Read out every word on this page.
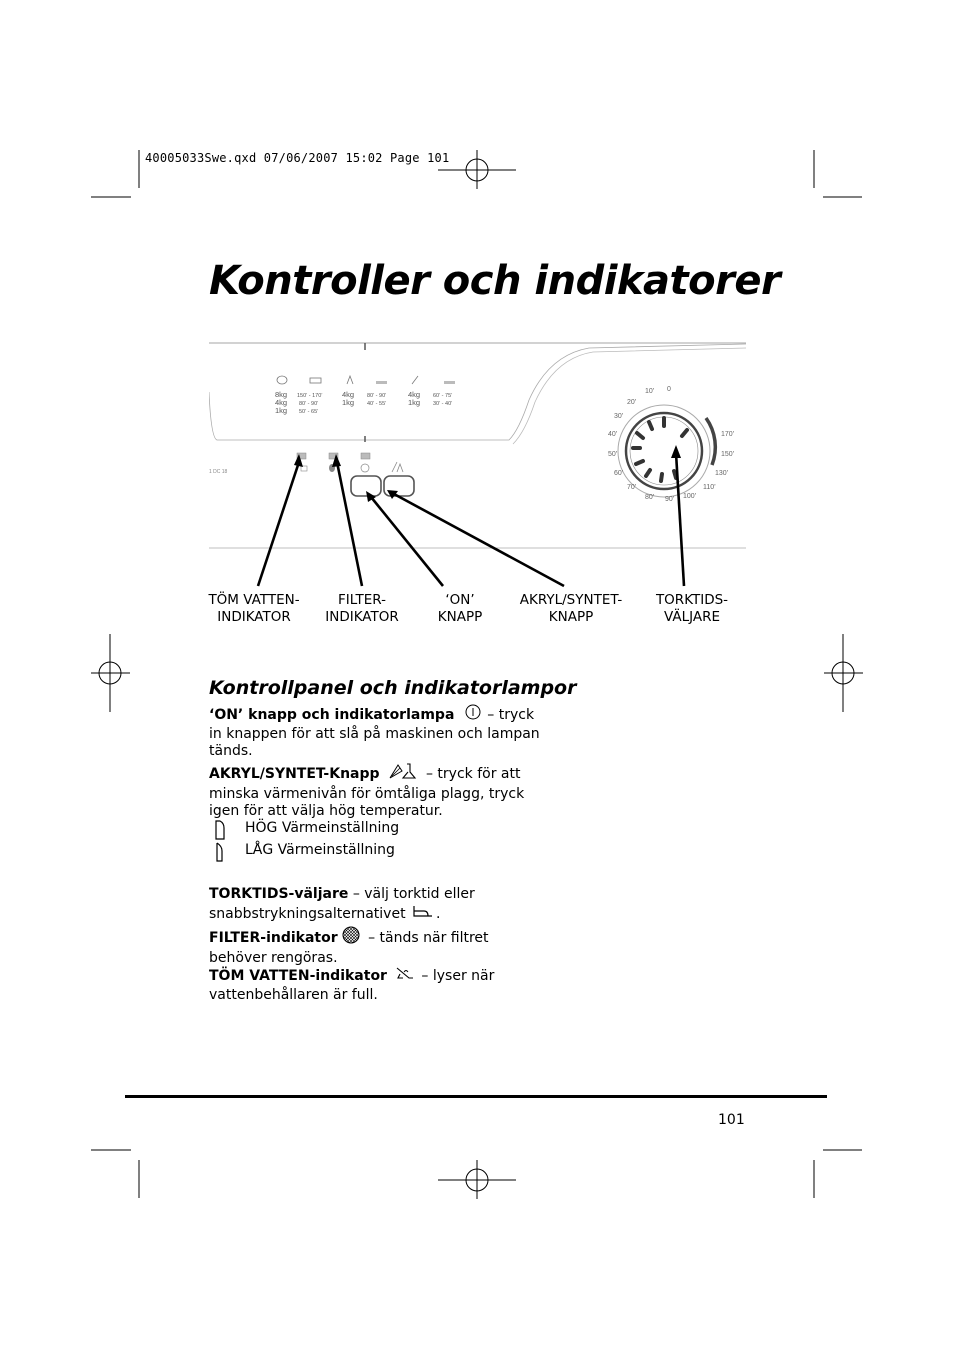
40005033Swe.qxd 07/06/2007 15:02 Page 101
Kontroller och indikatorer
8kg
4kg
1kg
150’ - 170’
80’ - 90’
50’ - 65’
4kg
1kg
80’ - 90’
40’ - 55’
4kg
1kg
60’ - 75’
30’ - 40’
1 DC 18
10’ 0
20’
30’
40’
50’
60’
70’
80’ 90’ 100’
110’
130’
150’
170’
TÖM VATTEN-
INDIKATOR
FILTER-
INDIKATOR
‘ON’
KNAPP
AKRYL/SYNTET-
KNAPP
TORKTIDS-
VÄLJARE
Kontrollpanel och indikatorlampor
‘ON’ knapp och indikatorlampa  – tryck in knappen för att slå på maskinen och lampan tänds.
AKRYL/SYNTET-Knapp	– tryck för att minska värmenivån för ömtåliga plagg, tryck igen för att välja hög temperatur.
HÖG Värmeinställning
LÅG Värmeinställning
TORKTIDS-väljare – välj torktid eller snabbstrykningsalternativet .
FILTER-indikator – tänds när filtret behöver rengöras.
TÖM VATTEN-indikator – lyser när vattenbehållaren är full.
101
